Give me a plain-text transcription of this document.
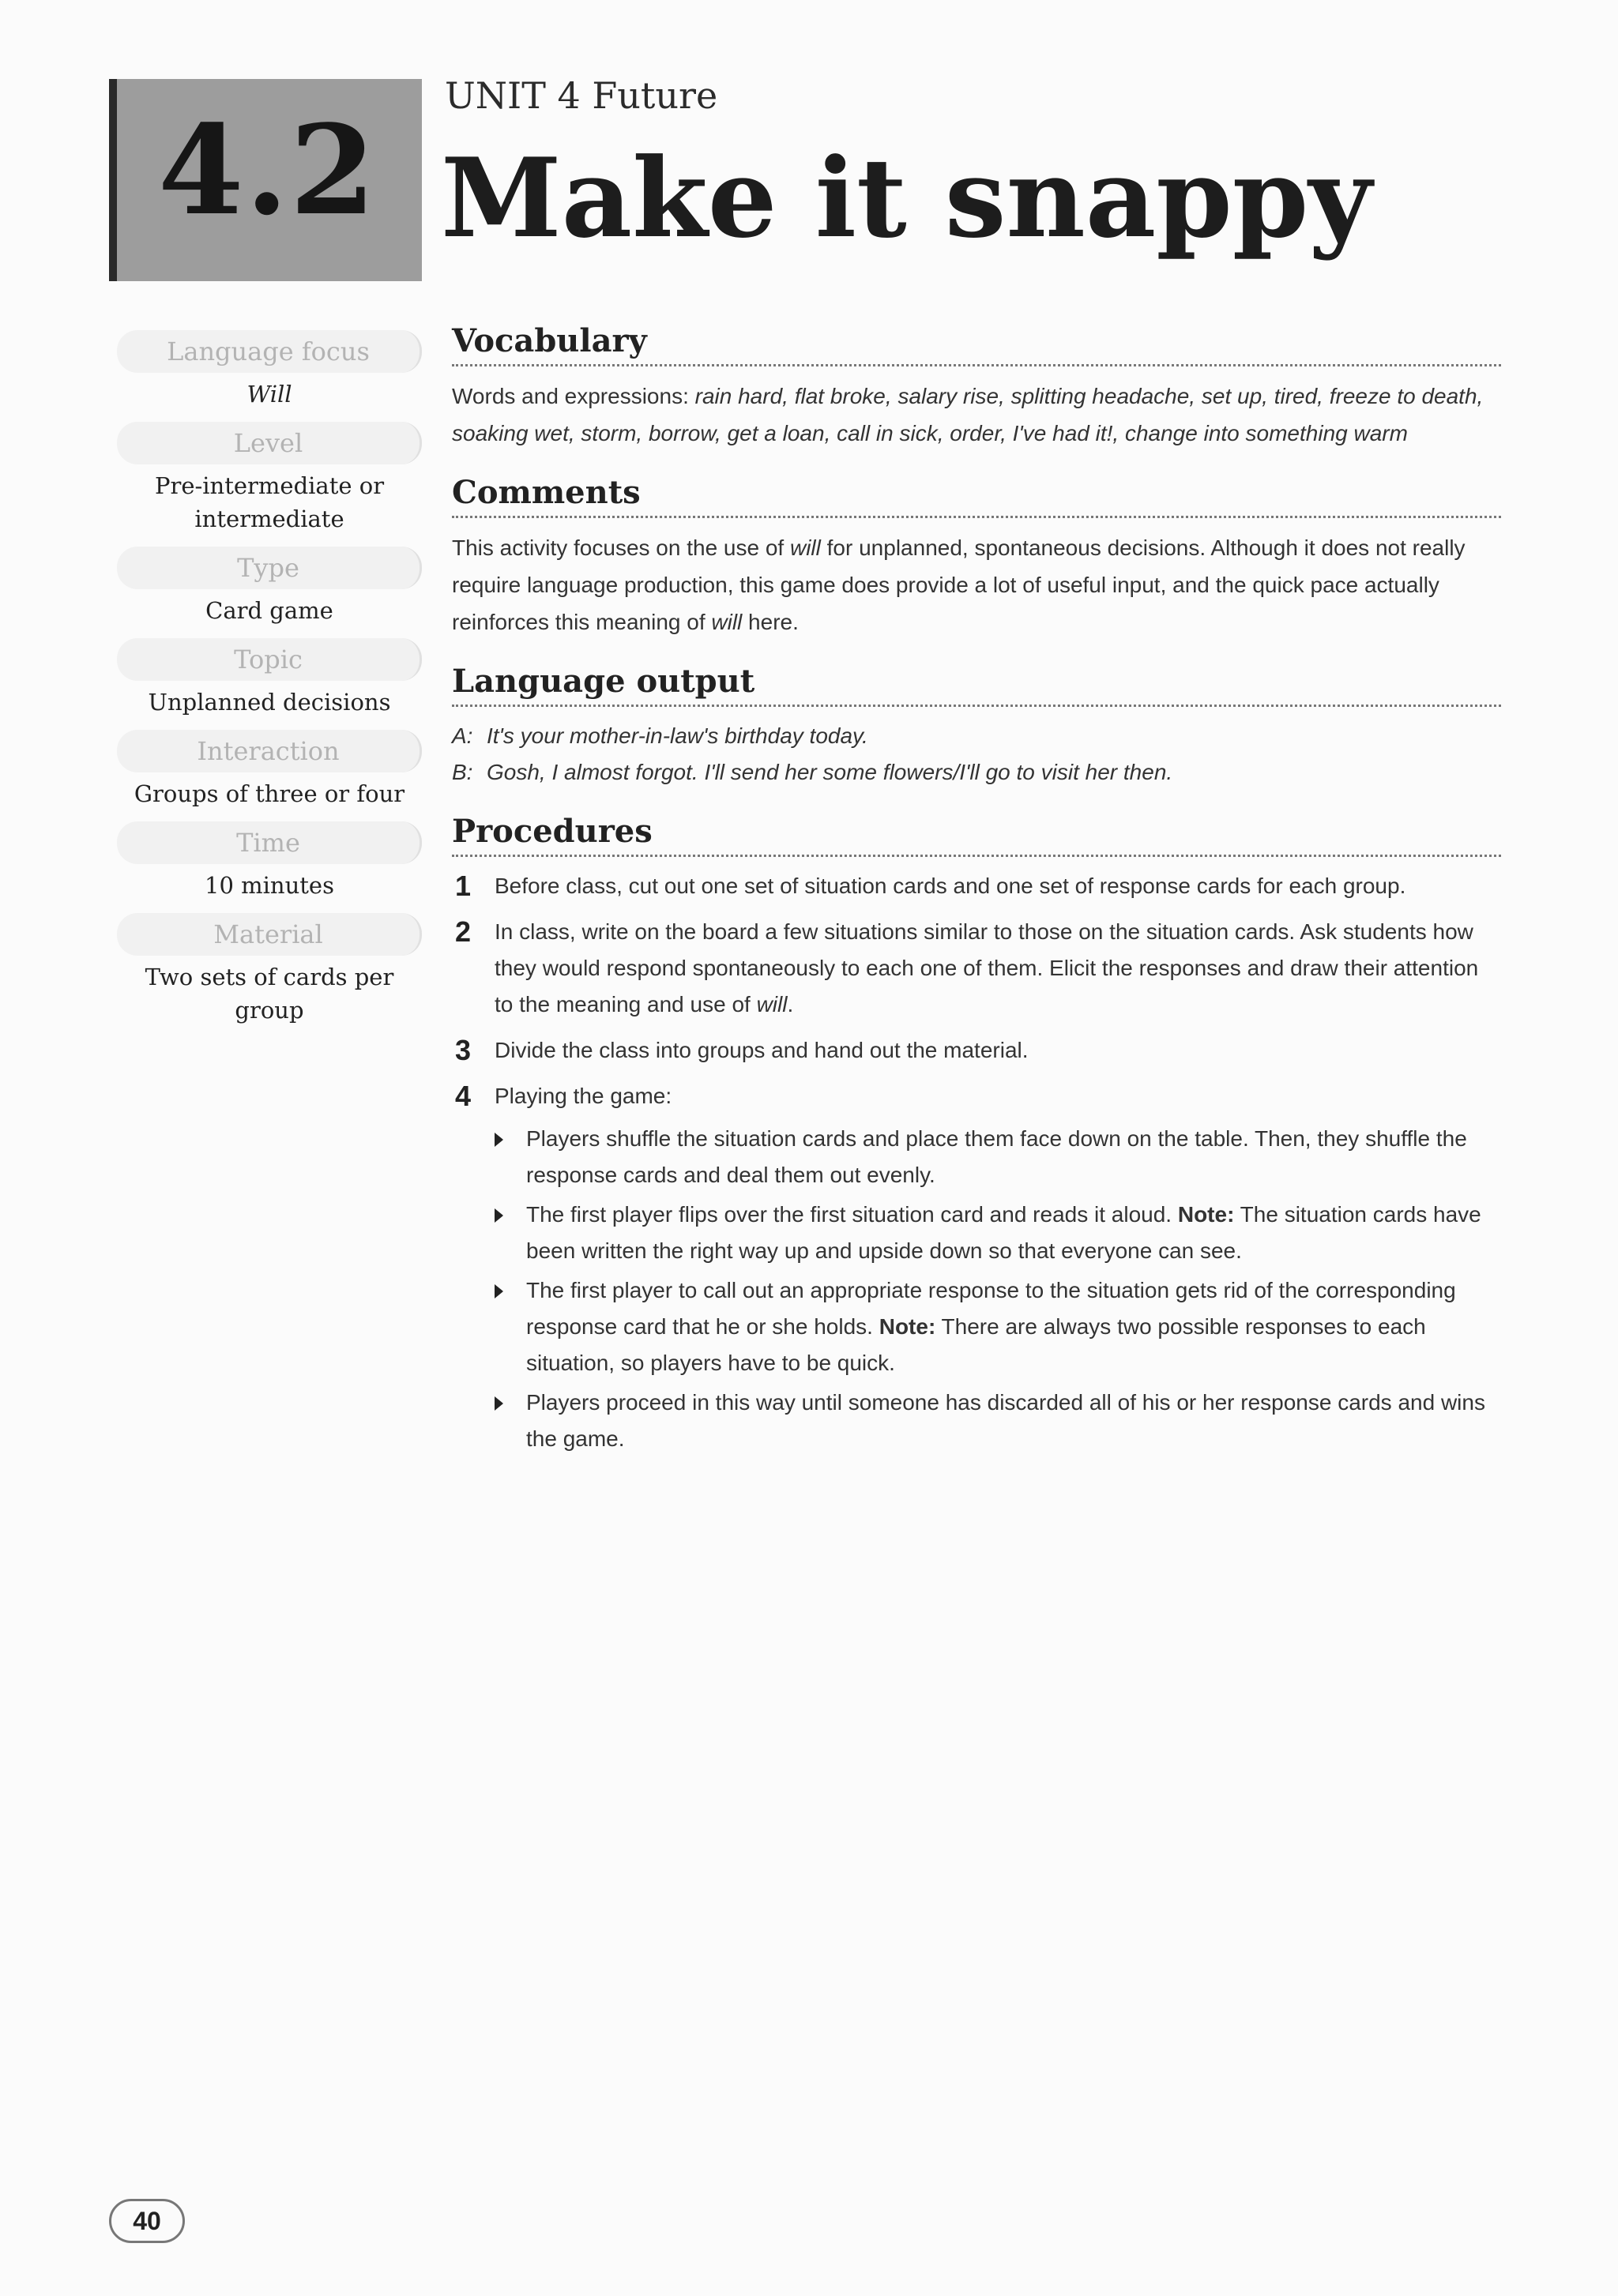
4.2
UNIT 4 Future
Make it snappy
Language focus
Will
Level
Pre-intermediate or intermediate
Type
Card game
Topic
Unplanned decisions
Interaction
Groups of three or four
Time
10 minutes
Material
Two sets of cards per group
Vocabulary
Words and expressions: rain hard, flat broke, salary rise, splitting headache, set up, tired, freeze to death, soaking wet, storm, borrow, get a loan, call in sick, order, I've had it!, change into something warm
Comments
This activity focuses on the use of will for unplanned, spontaneous decisions. Although it does not really require language production, this game does provide a lot of useful input, and the quick pace actually reinforces this meaning of will here.
Language output
A: It's your mother-in-law's birthday today.
B: Gosh, I almost forgot. I'll send her some flowers/I'll go to visit her then.
Procedures
1 Before class, cut out one set of situation cards and one set of response cards for each group.
2 In class, write on the board a few situations similar to those on the situation cards. Ask students how they would respond spontaneously to each one of them. Elicit the responses and draw their attention to the meaning and use of will.
3 Divide the class into groups and hand out the material.
4 Playing the game:
Players shuffle the situation cards and place them face down on the table. Then, they shuffle the response cards and deal them out evenly.
The first player flips over the first situation card and reads it aloud. Note: The situation cards have been written the right way up and upside down so that everyone can see.
The first player to call out an appropriate response to the situation gets rid of the corresponding response card that he or she holds. Note: There are always two possible responses to each situation, so players have to be quick.
Players proceed in this way until someone has discarded all of his or her response cards and wins the game.
40
